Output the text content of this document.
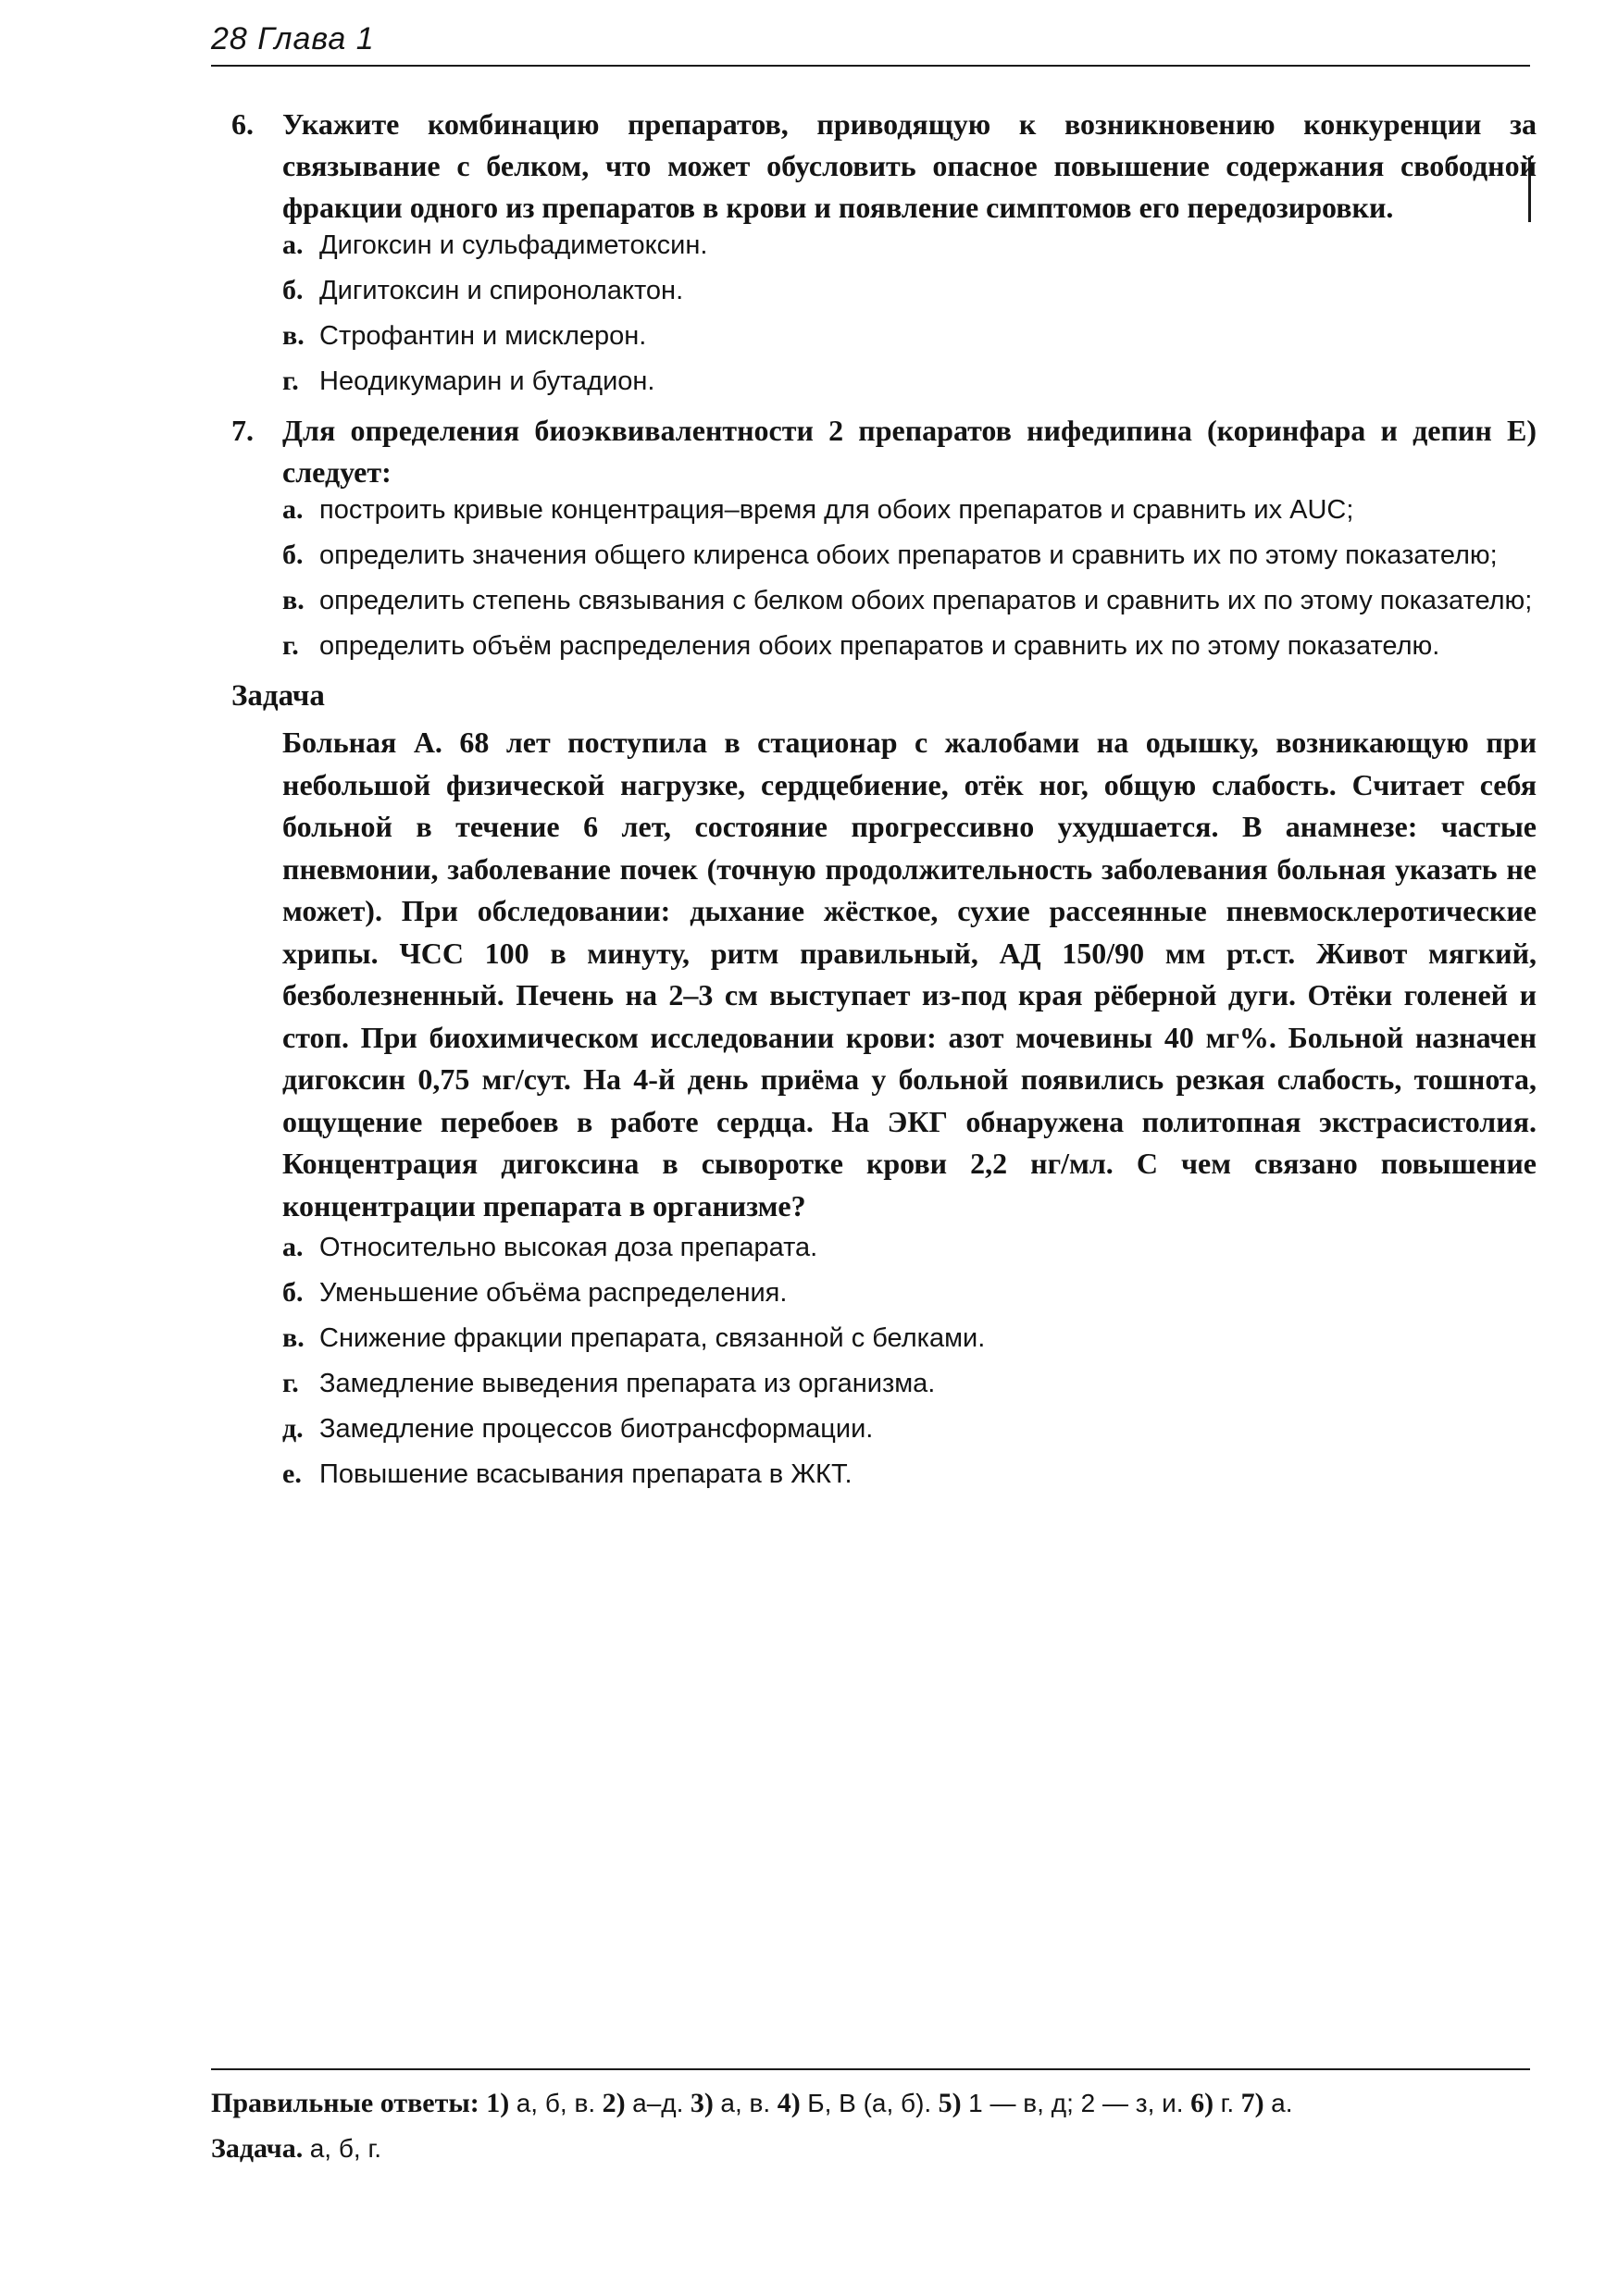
28 Глава 1
6. Укажите комбинацию препаратов, приводящую к возникновению конкуренции за связывание с белком, что может обусловить опасное повышение содержания свободной фракции одного из препаратов в крови и появление симптомов его передозировки.
а. Дигоксин и сульфадиметоксин.
б. Дигитоксин и спиронолактон.
в. Строфантин и мисклерон.
г. Неодикумарин и бутадион.
7. Для определения биоэквивалентности 2 препаратов нифедипина (коринфара и депин Е) следует:
а. построить кривые концентрация–время для обоих препаратов и сравнить их AUC;
б. определить значения общего клиренса обоих препаратов и сравнить их по этому показателю;
в. определить степень связывания с белком обоих препаратов и сравнить их по этому показателю;
г. определить объём распределения обоих препаратов и сравнить их по этому показателю.
Задача
Больная А. 68 лет поступила в стационар с жалобами на одышку, возникающую при небольшой физической нагрузке, сердцебиение, отёк ног, общую слабость. Считает себя больной в течение 6 лет, состояние прогрессивно ухудшается. В анамнезе: частые пневмонии, заболевание почек (точную продолжительность заболевания больная указать не может). При обследовании: дыхание жёсткое, сухие рассеянные пневмосклеротические хрипы. ЧСС 100 в минуту, ритм правильный, АД 150/90 мм рт.ст. Живот мягкий, безболезненный. Печень на 2–3 см выступает из-под края рёберной дуги. Отёки голеней и стоп. При биохимическом исследовании крови: азот мочевины 40 мг%. Больной назначен дигоксин 0,75 мг/сут. На 4-й день приёма у больной появились резкая слабость, тошнота, ощущение перебоев в работе сердца. На ЭКГ обнаружена политопная экстрасистолия. Концентрация дигоксина в сыворотке крови 2,2 нг/мл. С чем связано повышение концентрации препарата в организме?
а. Относительно высокая доза препарата.
б. Уменьшение объёма распределения.
в. Снижение фракции препарата, связанной с белками.
г. Замедление выведения препарата из организма.
д. Замедление процессов биотрансформации.
е. Повышение всасывания препарата в ЖКТ.
Правильные ответы: 1) а, б, в. 2) а–д. 3) а, в. 4) Б, В (а, б). 5) 1 — в, д; 2 — з, и. 6) г. 7) а.
Задача. а, б, г.
